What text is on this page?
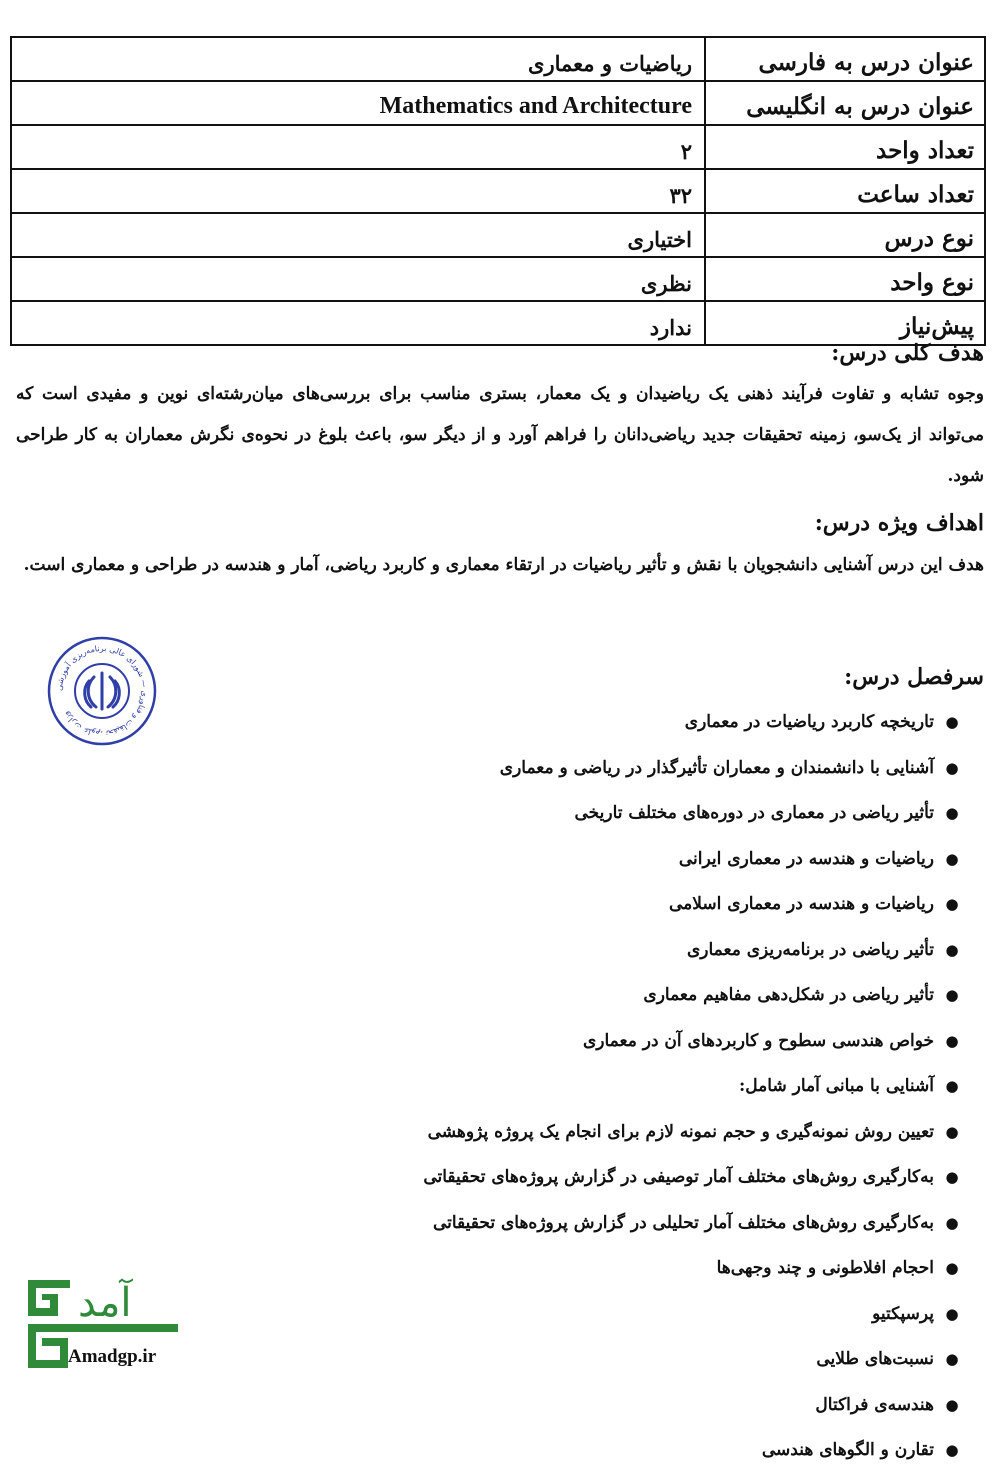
عنوان درس به فارسی	ریاضیات و معماری
عنوان درس به انگلیسی	Mathematics and Architecture
تعداد واحد	۲
تعداد ساعت	۳۲
نوع درس	اختیاری
نوع واحد	نظری
پیش‌نیاز	ندارد
هدف کلی درس:

وجوه تشابه و تفاوت فرآیند ذهنی یک ریاضیدان و یک معمار، بستری مناسب برای بررسی‌های میان‌رشته‌ای نوین و مفیدی است که می‌تواند از یک‌سو، زمینه تحقیقات جدید ریاضی‌دانان را فراهم آورد و از دیگر سو، باعث بلوغ در نحوه‌ی نگرش معماران به کار طراحی شود.

اهداف ویژه درس:

هدف این درس آشنایی دانشجویان با نقش و تأثیر ریاضیات در ارتقاء معماری و کاربرد ریاضی، آمار و هندسه در طراحی و معماری است.

سرفصل درس:
●تاریخچه کاربرد ریاضیات در معماری
●آشنایی با دانشمندان و معماران تأثیرگذار در ریاضی و معماری
●تأثیر ریاضی در معماری در دوره‌های مختلف تاریخی
●ریاضیات و هندسه در معماری ایرانی
●ریاضیات و هندسه در معماری اسلامی
●تأثیر ریاضی در برنامه‌ریزی معماری
●تأثیر ریاضی در شکل‌دهی مفاهیم معماری
●خواص هندسی سطوح و کاربردهای آن در معماری
●آشنایی با مبانی آمار شامل:
●تعیین روش نمونه‌گیری و حجم نمونه لازم برای انجام یک پروژه پژوهشی
●به‌کارگیری روش‌های مختلف آمار توصیفی در گزارش پروژه‌های تحقیقاتی
●به‌کارگیری روش‌های مختلف آمار تحلیلی در گزارش پروژه‌های تحقیقاتی
●احجام افلاطونی و چند وجهی‌ها
●پرسپکتیو
●نسبت‌های طلایی
●هندسه‌ی فراکتال
●تقارن و الگوهای هندسی
وزارت علوم، تحقیقات و فناوری — شورای عالی برنامه‌ریزی آموزشی
آمد
Amadgp.ir
